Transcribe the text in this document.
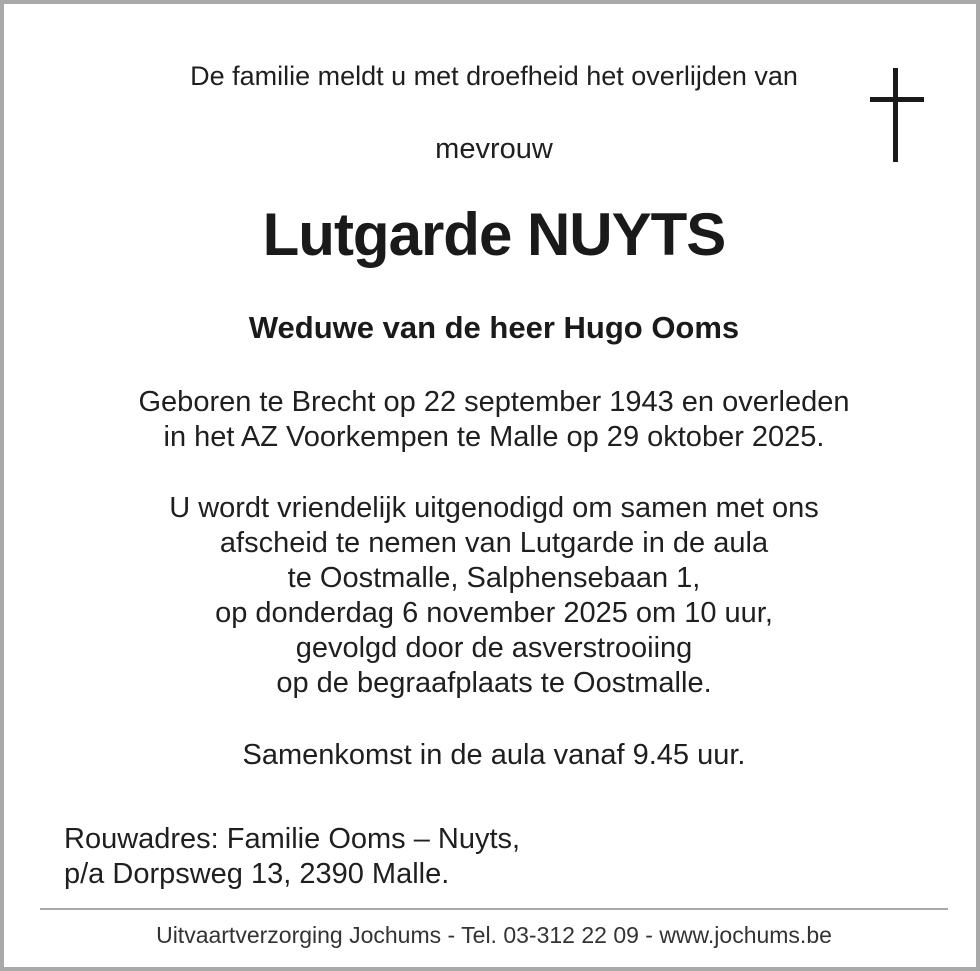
De familie meldt u met droefheid het overlijden van
mevrouw
Lutgarde NUYTS
Weduwe van de heer Hugo Ooms
Geboren te Brecht op 22 september 1943 en overleden
in het AZ Voorkempen te Malle op 29 oktober 2025.
U wordt vriendelijk uitgenodigd om samen met ons
afscheid te nemen van Lutgarde in de aula
te Oostmalle, Salphensebaan 1,
op donderdag 6 november 2025 om 10 uur,
gevolgd door de asverstrooiing
op de begraafplaats te Oostmalle.
Samenkomst in de aula vanaf 9.45 uur.
Rouwadres: Familie Ooms – Nuyts,
p/a Dorpsweg 13, 2390 Malle.
Uitvaartverzorging Jochums - Tel. 03-312 22 09 - www.jochums.be
